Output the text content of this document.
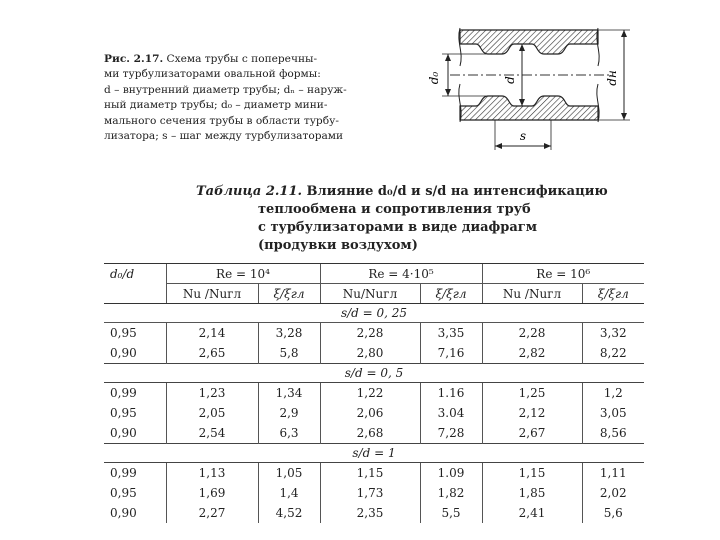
Рис. 2.17. Схема трубы с поперечны-
ми турбулизаторами овальной формы:
d – внутренний диаметр трубы; dₙ – наруж-
ный диаметр трубы; d₀ – диаметр мини-
мального сечения трубы в области турбу-
лизатора; s – шаг между турбулизаторами
d₀	d	dн
s
Таблица 2.11. Влияние d₀/d и s/d на интенсификацию
теплообмена и сопротивления труб
с турбулизаторами в виде диафрагм
(продувки воздухом)
d₀/d	Re = 10⁴		Re = 4·10⁵		Re = 10⁶	
	Nu /Nuгл	ξ/ξгл	Nu/Nuгл	ξ/ξгл	Nu /Nuгл	ξ/ξгл
s/d = 0, 25						
0,95	2,14	3,28	2,28	3,35	2,28	3,32
0,90	2,65	5,8	2,80	7,16	2,82	8,22
s/d = 0, 5						
0,99	1,23	1,34	1,22	1.16	1,25	1,2
0,95	2,05	2,9	2,06	3.04	2,12	3,05
0,90	2,54	6,3	2,68	7,28	2,67	8,56
s/d = 1						
0,99	1,13	1,05	1,15	1.09	1,15	1,11
0,95	1,69	1,4	1,73	1,82	1,85	2,02
0,90	2,27	4,52	2,35	5,5	2,41	5,6
